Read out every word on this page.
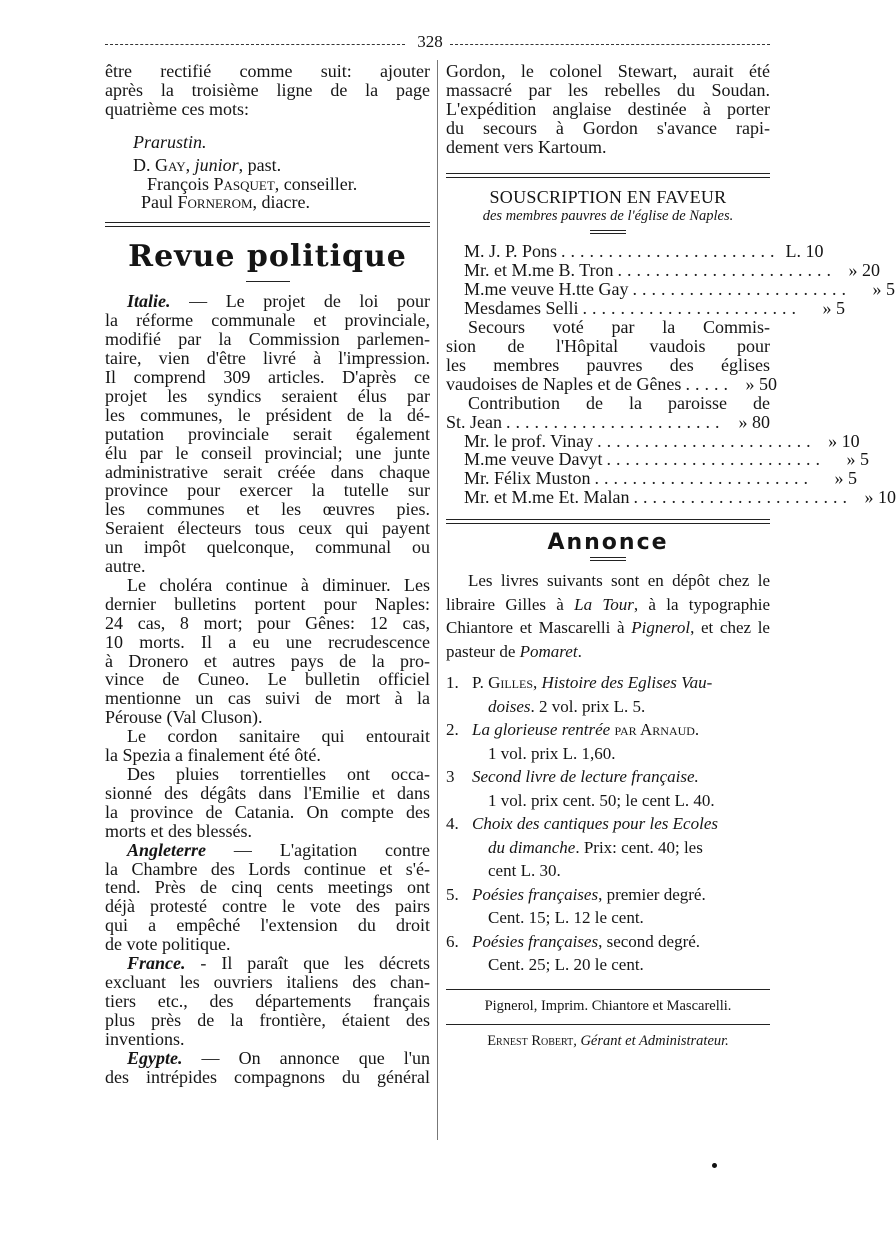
328

être rectifié comme suit: ajouter

après la troisième ligne de la page

quatrième ces mots:

Prarustin.

D. Gay, junior, past.

François Pasquet, conseiller.

Paul Fornerom, diacre.

Revue politique

Italie. — Le projet de loi pour

la réforme communale et provinciale,

modifié par la Commission parlemen-

taire, vien d'être livré à l'impression.

Il comprend 309 articles. D'après ce

projet les syndics seraient élus par

les communes, le président de la dé-

putation provinciale serait également

élu par le conseil provincial; une junte

administrative serait créée dans chaque

province pour exercer la tutelle sur

les communes et les œuvres pies.

Seraient électeurs tous ceux qui payent

un impôt quelconque, communal ou

autre.

Le choléra continue à diminuer. Les

dernier bulletins portent pour Naples:

24 cas, 8 mort; pour Gênes: 12 cas,

10 morts. Il a eu une recrudescence

à Dronero et autres pays de la pro-

vince de Cuneo. Le bulletin officiel

mentionne un cas suivi de mort à la

Pérouse (Val Cluson).

Le cordon sanitaire qui entourait

la Spezia a finalement été ôté.

Des pluies torrentielles ont occa-

sionné des dégâts dans l'Emilie et dans

la province de Catania. On compte des

morts et des blessés.

Angleterre — L'agitation contre

la Chambre des Lords continue et s'é-

tend. Près de cinq cents meetings ont

déjà protesté contre le vote des pairs

qui a empêché l'extension du droit

de vote politique.

France. - Il paraît que les décrets

excluant les ouvriers italiens des chan-

tiers etc., des départements français

plus près de la frontière, étaient des

inventions.

Egypte. — On annonce que l'un

des intrépides compagnons du général

Gordon, le colonel Stewart, aurait été

massacré par les rebelles du Soudan.

L'expédition anglaise destinée à porter

du secours à Gordon s'avance rapi-

dement vers Kartoum.

SOUSCRIPTION EN FAVEUR
des membres pauvres de l'église de Naples.
M. J. P. Pons ....................... L. 10
Mr. et M.me B. Tron ....................... » 20
M.me veuve H.tte Gay .......................	» 5
Mesdames Selli .......................	» 5

Secours voté par la Commis-

sion de l'Hôpital vaudois pour

les membres pauvres des églises

vaudoises de Naples et de Gênes ..... » 50

Contribution de la paroisse de

St. Jean ....................... » 80
Mr. le prof. Vinay ....................... » 10
M.me veuve Davyt .......................	» 5
Mr. Félix Muston .......................	» 5
Mr. et M.me Et. Malan ....................... » 10
Annonce

Les livres suivants sont en dépôt chez le libraire Gilles à La Tour, à la typographie Chiantore et Mascarelli à Pignerol, et chez le pasteur de Pomaret.

1. P. Gilles, Histoire des Eglises Vau-
doises. 2 vol. prix L. 5.
2. La glorieuse rentrée par Arnaud.
1 vol. prix L. 1,60.
3	Second livre de lecture française.
1 vol. prix cent. 50; le cent L. 40.
4. Choix des cantiques pour les Ecoles
du dimanche. Prix: cent. 40; les
cent L. 30.
5. Poésies françaises, premier degré.
Cent. 15; L. 12 le cent.
6. Poésies françaises, second degré.
Cent. 25; L. 20 le cent.
Pignerol, Imprim. Chiantore et Mascarelli.
Ernest Robert, Gérant et Administrateur.
